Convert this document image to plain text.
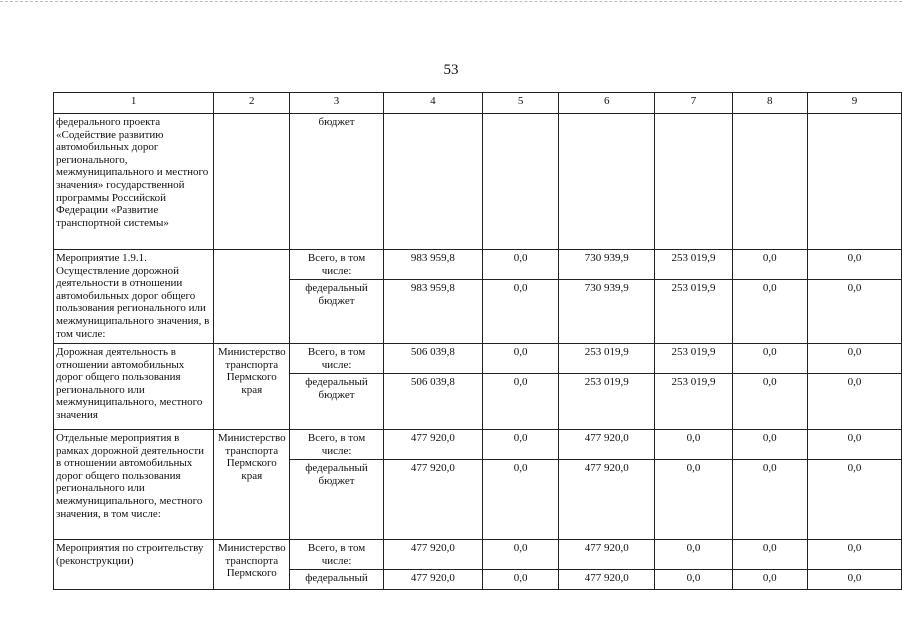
53
1	2	3	4	5	6	7	8	9
федерального проекта «Содействие развитию автомобильных дорог регионального, межмуниципального и местного значения» государственной программы Российской Федерации «Развитие транспортной системы»		бюджет						
Мероприятие 1.9.1. Осуществление дорожной деятельности в отношении автомобильных дорог общего пользования регионального или межмуниципального значения, в том числе:		Всего, в том числе:	983 959,8	0,0	730 939,9	253 019,9	0,0	0,0
		федеральный бюджет	983 959,8	0,0	730 939,9	253 019,9	0,0	0,0
Дорожная деятельность в отношении автомобильных дорог общего пользования регионального или межмуниципального, местного значения	Министерство транспорта Пермского края	Всего, в том числе:	506 039,8	0,0	253 019,9	253 019,9	0,0	0,0
		федеральный бюджет	506 039,8	0,0	253 019,9	253 019,9	0,0	0,0
Отдельные мероприятия в рамках дорожной деятельности в отношении автомобильных дорог общего пользования регионального или межмуниципального, местного значения, в том числе:	Министерство транспорта Пермского края	Всего, в том числе:	477 920,0	0,0	477 920,0	0,0	0,0	0,0
		федеральный бюджет	477 920,0	0,0	477 920,0	0,0	0,0	0,0
Мероприятия по строительству (реконструкции)	Министерство транспорта Пермского	Всего, в том числе:	477 920,0	0,0	477 920,0	0,0	0,0	0,0
		федеральный	477 920,0	0,0	477 920,0	0,0	0,0	0,0
